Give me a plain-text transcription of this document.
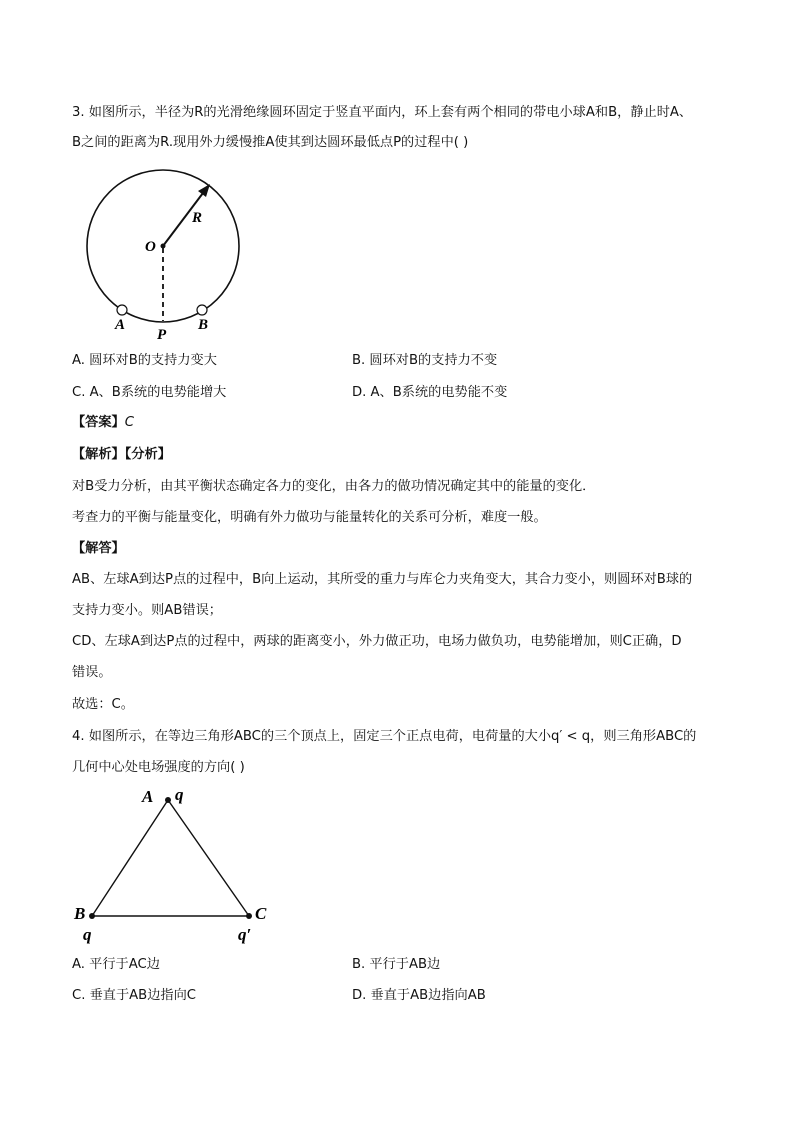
3. 如图所示，半径为R的光滑绝缘圆环固定于竖直平面内，环上套有两个相同的带电小球A和B，静止时A、
B之间的距离为R.现用外力缓慢推A使其到达圆环最低点P的过程中( )
O
R
A	B
P
A. 圆环对B的支持力变大	B. 圆环对B的支持力不变
C. A、B系统的电势能增大	D. A、B系统的电势能不变
【答案】C
【解析】【分析】
对B受力分析，由其平衡状态确定各力的变化，由各力的做功情况确定其中的能量的变化．
考查力的平衡与能量变化，明确有外力做功与能量转化的关系可分析，难度一般。
【解答】
AB、左球A到达P点的过程中，B向上运动，其所受的重力与库仑力夹角变大，其合力变小，则圆环对B球的
支持力变小。则AB错误；
CD、左球A到达P点的过程中，两球的距离变小，外力做正功，电场力做负功，电势能增加，则C正确，D
错误。
故选：C。
4. 如图所示，在等边三角形ABC的三个顶点上，固定三个正点电荷，电荷量的大小q′ < q，则三角形ABC的
几何中心处电场强度的方向( )
A q
B
q
C
q′
A. 平行于AC边	B. 平行于AB边
C. 垂直于AB边指向C	D. 垂直于AB边指向AB
